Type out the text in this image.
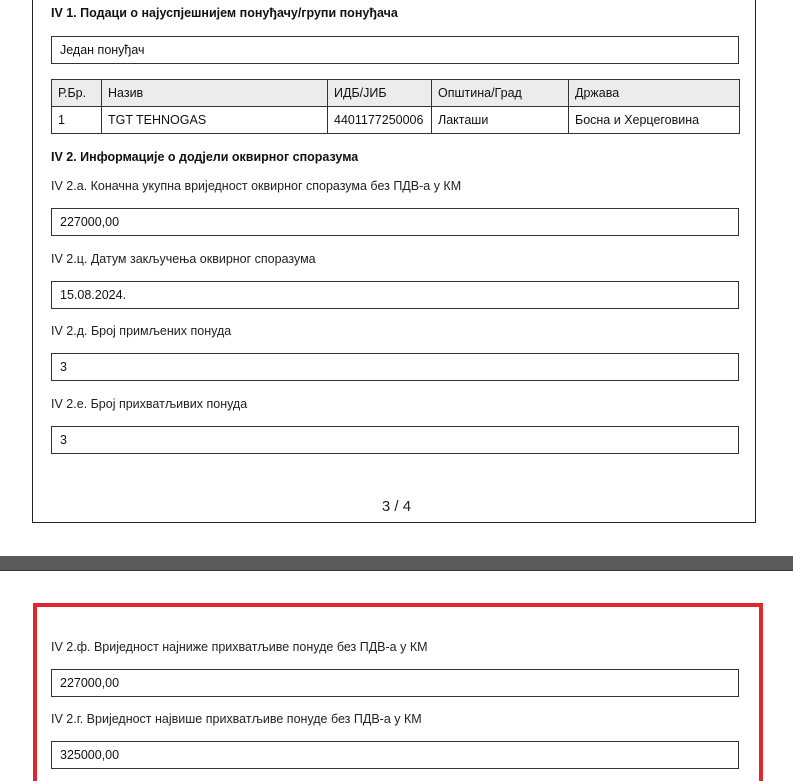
IV 1. Подаци о најуспјешнијем понуђачу/групи понуђача
Један понуђач
Р.Бр.	Назив	ИДБ/ЈИБ	Општина/Град	Држава
1	TGT TEHNOGAS	4401177250006	Лакташи	Босна и Херцеговина
IV 2. Информације о додјели оквирног споразума
IV 2.а. Коначна укупна вриједност оквирног споразума без ПДВ-а у КМ
227000,00
IV 2.ц. Датум закључења оквирног споразума
15.08.2024.
IV 2.д. Број примљених понуда
3
IV 2.е. Број прихватљивих понуда
3
3 / 4
IV 2.ф. Вриједност најниже прихватљиве понуде без ПДВ-а у КМ
227000,00
IV 2.г. Вриједност највише прихватљиве понуде без ПДВ-а у КМ
325000,00
